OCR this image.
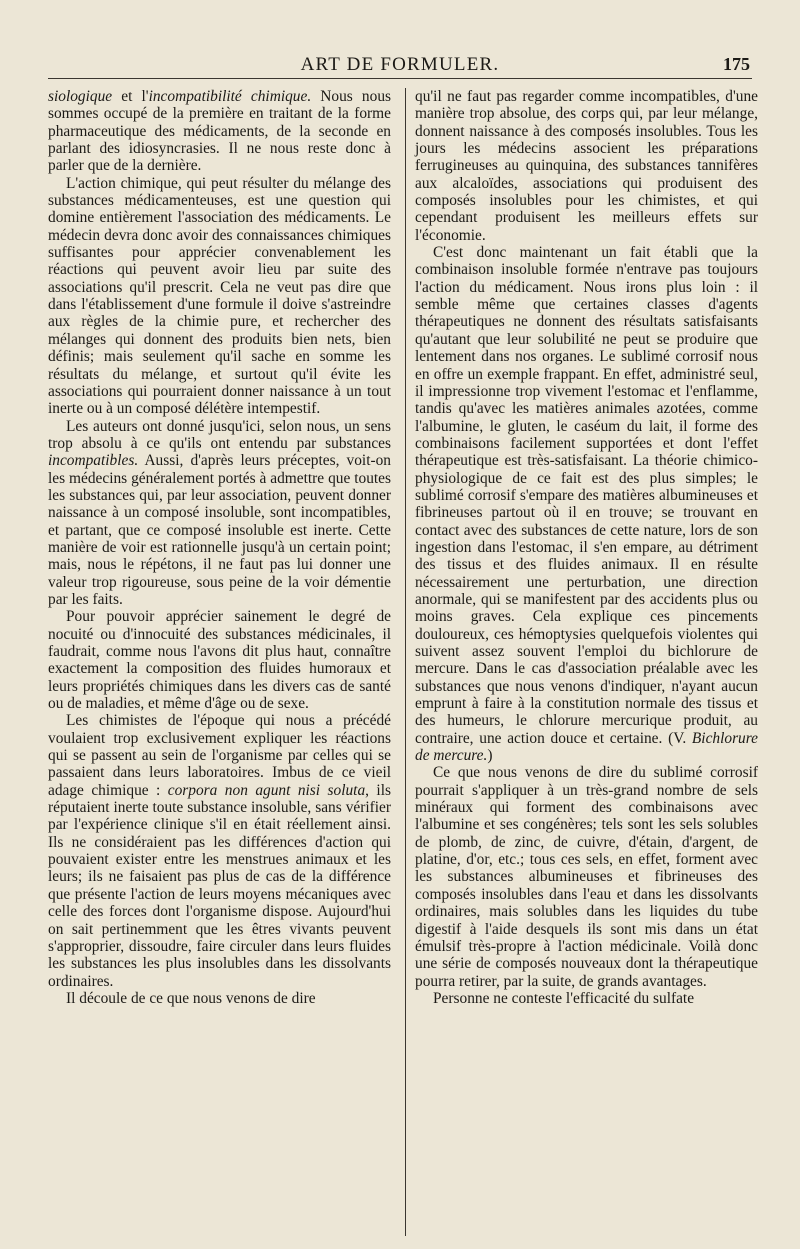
ART DE FORMULER.	175

siologique et l'incompatibilité chimique. Nous nous sommes occupé de la première en traitant de la forme pharmaceutique des médicaments, de la seconde en parlant des idiosyncrasies. Il ne nous reste donc à parler que de la dernière.

L'action chimique, qui peut résulter du mélange des substances médicamenteuses, est une question qui domine entièrement l'association des médicaments. Le médecin devra donc avoir des connaissances chimiques suffisantes pour apprécier convenablement les réactions qui peuvent avoir lieu par suite des associations qu'il prescrit. Cela ne veut pas dire que dans l'établissement d'une formule il doive s'astreindre aux règles de la chimie pure, et rechercher des mélanges qui donnent des produits bien nets, bien définis; mais seulement qu'il sache en somme les résultats du mélange, et surtout qu'il évite les associations qui pourraient donner naissance à un tout inerte ou à un composé délétère intempestif.

Les auteurs ont donné jusqu'ici, selon nous, un sens trop absolu à ce qu'ils ont entendu par substances incompatibles. Aussi, d'après leurs préceptes, voit-on les médecins généralement portés à admettre que toutes les substances qui, par leur association, peuvent donner naissance à un composé insoluble, sont incompatibles, et partant, que ce composé insoluble est inerte. Cette manière de voir est rationnelle jusqu'à un certain point; mais, nous le répétons, il ne faut pas lui donner une valeur trop rigoureuse, sous peine de la voir démentie par les faits.

Pour pouvoir apprécier sainement le degré de nocuité ou d'innocuité des substances médicinales, il faudrait, comme nous l'avons dit plus haut, connaître exactement la composition des fluides humoraux et leurs propriétés chimiques dans les divers cas de santé ou de maladies, et même d'âge ou de sexe.

Les chimistes de l'époque qui nous a précédé voulaient trop exclusivement expliquer les réactions qui se passent au sein de l'organisme par celles qui se passaient dans leurs laboratoires. Imbus de ce vieil adage chimique : corpora non agunt nisi soluta, ils réputaient inerte toute substance insoluble, sans vérifier par l'expérience clinique s'il en était réellement ainsi. Ils ne considéraient pas les différences d'action qui pouvaient exister entre les menstrues animaux et les leurs; ils ne faisaient pas plus de cas de la différence que présente l'action de leurs moyens mécaniques avec celle des forces dont l'organisme dispose. Aujourd'hui on sait pertinemment que les êtres vivants peuvent s'approprier, dissoudre, faire circuler dans leurs fluides les substances les plus insolubles dans les dissolvants ordinaires.

Il découle de ce que nous venons de dire

qu'il ne faut pas regarder comme incompatibles, d'une manière trop absolue, des corps qui, par leur mélange, donnent naissance à des composés insolubles. Tous les jours les médecins associent les préparations ferrugineuses au quinquina, des substances tannifères aux alcaloïdes, associations qui produisent des composés insolubles pour les chimistes, et qui cependant produisent les meilleurs effets sur l'économie.

C'est donc maintenant un fait établi que la combinaison insoluble formée n'entrave pas toujours l'action du médicament. Nous irons plus loin : il semble même que certaines classes d'agents thérapeutiques ne donnent des résultats satisfaisants qu'autant que leur solubilité ne peut se produire que lentement dans nos organes. Le sublimé corrosif nous en offre un exemple frappant. En effet, administré seul, il impressionne trop vivement l'estomac et l'enflamme, tandis qu'avec les matières animales azotées, comme l'albumine, le gluten, le caséum du lait, il forme des combinaisons facilement supportées et dont l'effet thérapeutique est très-satisfaisant. La théorie chimico-physiologique de ce fait est des plus simples; le sublimé corrosif s'empare des matières albumineuses et fibrineuses partout où il en trouve; se trouvant en contact avec des substances de cette nature, lors de son ingestion dans l'estomac, il s'en empare, au détriment des tissus et des fluides animaux. Il en résulte nécessairement une perturbation, une direction anormale, qui se manifestent par des accidents plus ou moins graves. Cela explique ces pincements douloureux, ces hémoptysies quelquefois violentes qui suivent assez souvent l'emploi du bichlorure de mercure. Dans le cas d'association préalable avec les substances que nous venons d'indiquer, n'ayant aucun emprunt à faire à la constitution normale des tissus et des humeurs, le chlorure mercurique produit, au contraire, une action douce et certaine. (V. Bichlorure de mercure.)

Ce que nous venons de dire du sublimé corrosif pourrait s'appliquer à un très-grand nombre de sels minéraux qui forment des combinaisons avec l'albumine et ses congénères; tels sont les sels solubles de plomb, de zinc, de cuivre, d'étain, d'argent, de platine, d'or, etc.; tous ces sels, en effet, forment avec les substances albumineuses et fibrineuses des composés insolubles dans l'eau et dans les dissolvants ordinaires, mais solubles dans les liquides du tube digestif à l'aide desquels ils sont mis dans un état émulsif très-propre à l'action médicinale. Voilà donc une série de composés nouveaux dont la thérapeutique pourra retirer, par la suite, de grands avantages.

Personne ne conteste l'efficacité du sulfate
